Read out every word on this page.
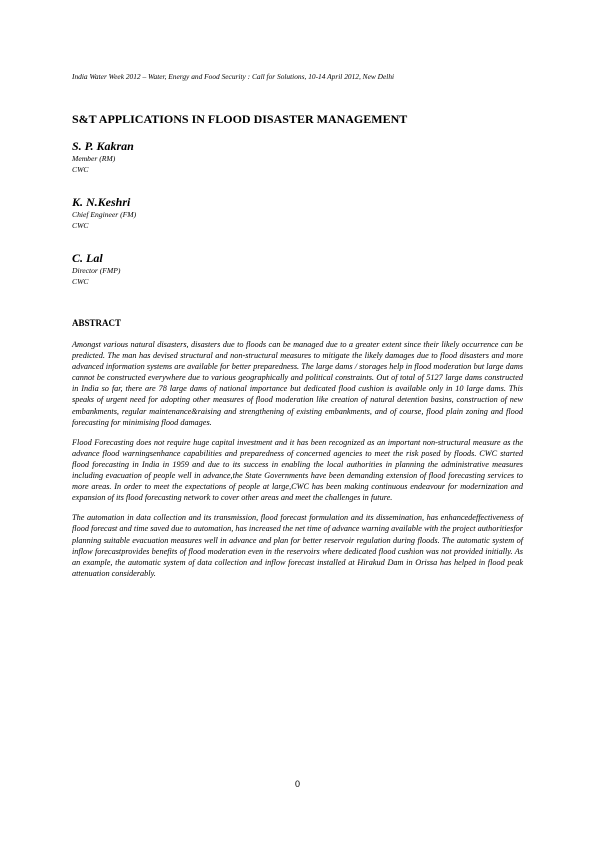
India Water Week 2012 – Water, Energy and Food Security : Call for Solutions, 10-14 April 2012, New Delhi
S&T APPLICATIONS IN FLOOD DISASTER MANAGEMENT
S. P. Kakran
Member (RM)
CWC
K. N.Keshri
Chief Engineer (FM)
CWC
C. Lal
Director (FMP)
CWC
ABSTRACT

Amongst various natural disasters, disasters due to floods can be managed due to a greater extent since their likely occurrence can be predicted. The man has devised structural and non-structural measures to mitigate the likely damages due to flood disasters and more advanced information systems are available for better preparedness. The large dams / storages help in flood moderation but large dams cannot be constructed everywhere due to various geographically and political constraints. Out of total of 5127 large dams constructed in India so far, there are 78 large dams of national importance but dedicated flood cushion is available only in 10 large dams. This speaks of urgent need for adopting other measures of flood moderation like creation of natural detention basins, construction of new embankments, regular maintenance&raising and strengthening of existing embankments, and of course, flood plain zoning and flood forecasting for minimising flood damages.

Flood Forecasting does not require huge capital investment and it has been recognized as an important non-structural measure as the advance flood warningsenhance capabilities and preparedness of concerned agencies to meet the risk posed by floods. CWC started flood forecasting in India in 1959 and due to its success in enabling the local authorities in planning the administrative measures including evacuation of people well in advance,the State Governments have been demanding extension of flood forecasting services to more areas. In order to meet the expectations of people at large,CWC has been making continuous endeavour for modernization and expansion of its flood forecasting network to cover other areas and meet the challenges in future.

The automation in data collection and its transmission, flood forecast formulation and its dissemination, has enhancedeffectiveness of flood forecast and time saved due to automation, has increased the net time of advance warning available with the project authoritiesfor planning suitable evacuation measures well in advance and plan for better reservoir regulation during floods. The automatic system of inflow forecastprovides benefits of flood moderation even in the reservoirs where dedicated flood cushion was not provided initially. As an example, the automatic system of data collection and inflow forecast installed at Hirakud Dam in Orissa has helped in flood peak attenuation considerably.

0
